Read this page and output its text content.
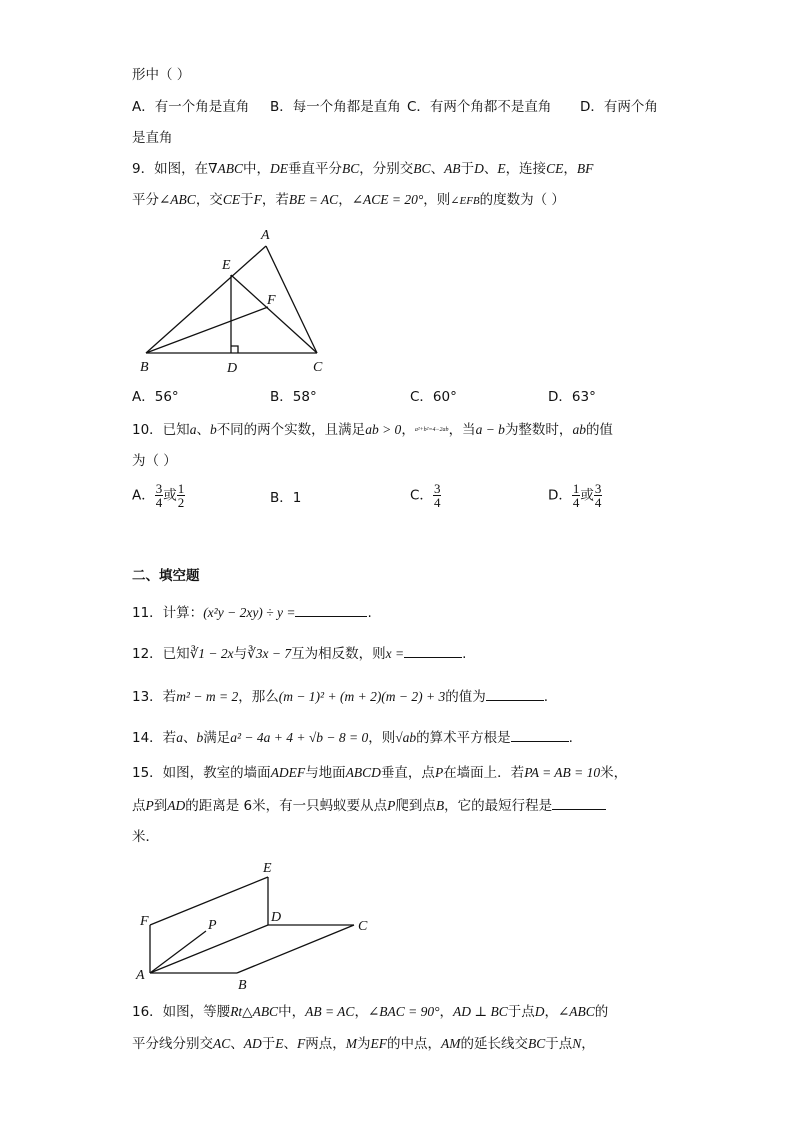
形中（ ）
A．有一个角是直角 B．每一个角都是直角 C．有两个角都不是直角 D．有两个角
是直角
9．如图，在∇ABC中，DE垂直平分BC，分别交BC、AB于D、E，连接CE，BF
平分∠ABC，交CE于F，若BE = AC，∠ACE = 20°，则∠EFB的度数为（ ）
A
E
F
B	D	C
A．56°	B．58°	C．60°	D．63°
10．已知a、b不同的两个实数，且满足ab > 0，a²+b²=4−2ab，当a − b为整数时，ab的值
为（ ）
A． $\frac{3}{4}$ 或 $\frac{1}{2}$	B．1	C． $\frac{3}{4}$	D． $\frac{1}{4}$ 或 $\frac{3}{4}$
二、填空题
11．计算：(x²y − 2xy) ÷ y =	.
12．已知∛1 − 2x与∛3x − 7互为相反数，则x =	.
13．若m² − m = 2，那么(m − 1)² + (m + 2)(m − 2) + 3的值为	.
14．若a、b满足a² − 4a + 4 + √b − 8 = 0，则√ab的算术平方根是	.
15．如图，教室的墙面ADEF与地面ABCD垂直，点P在墙面上．若PA = AB = 10米，
点P到AD的距离是 6米，有一只蚂蚁要从点P爬到点B，它的最短行程是
米．
E
F	P
D
C
A
B
16．如图，等腰Rt△ABC中，AB = AC，∠BAC = 90°，AD ⊥ BC于点D，∠ABC的
平分线分别交AC、AD于E、F两点，M为EF的中点，AM的延长线交BC于点N，
